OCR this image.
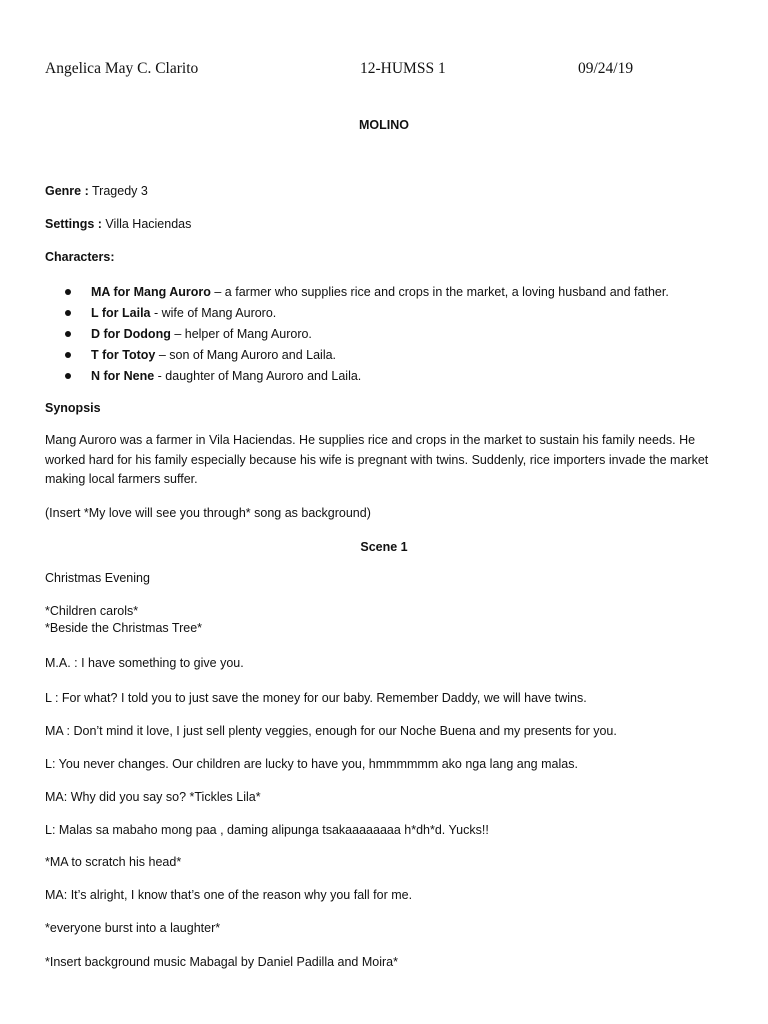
Angelica May C. Clarito	12-HUMSS 1	09/24/19
MOLINO
Genre : Tragedy 3
Settings : Villa Haciendas
Characters:
MA for Mang Auroro – a farmer who supplies rice and crops in the market, a loving husband and father.
L for Laila - wife of Mang Auroro.
D for Dodong – helper of Mang Auroro.
T for Totoy – son of Mang Auroro and Laila.
N for Nene - daughter of Mang Auroro and Laila.
Synopsis
Mang Auroro was a farmer in Vila Haciendas. He supplies rice and crops in the market to sustain his family needs. He worked hard for his family especially because his wife is pregnant with twins. Suddenly, rice importers invade the market making local farmers suffer.
(Insert *My love will see you through* song as background)
Scene 1
Christmas Evening
*Children carols*
*Beside the Christmas Tree*
M.A. : I have something to give you.
L : For what? I told you to just save the money for our baby. Remember Daddy, we will have twins.
MA : Don’t mind it love, I just sell plenty veggies, enough for our Noche Buena and my presents for you.
L: You never changes. Our children are lucky to have you, hmmmmmm ako nga lang ang malas.
MA: Why did you say so? *Tickles Lila*
L: Malas sa mabaho mong paa , daming alipunga tsakaaaaaaaa h*dh*d. Yucks!!
*MA to scratch his head*
MA: It’s alright, I know that’s one of the reason why you fall for me.
*everyone burst into a laughter*
*Insert background music Mabagal by Daniel Padilla and Moira*
